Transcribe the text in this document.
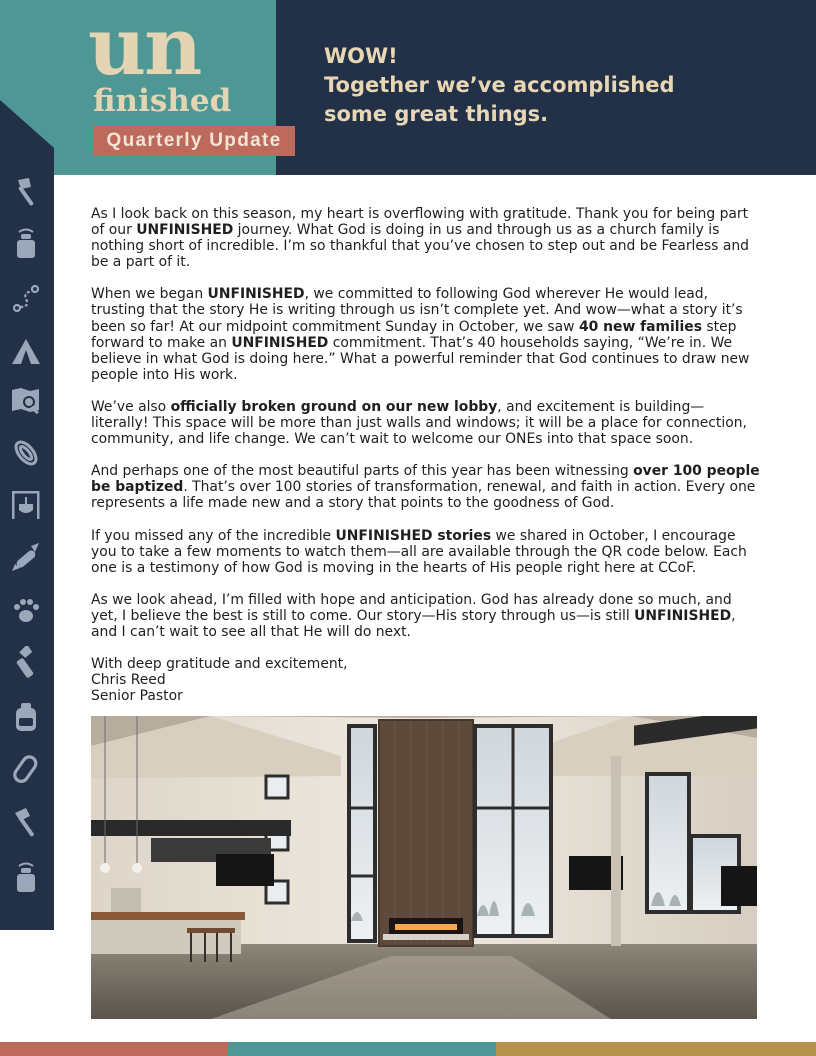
un
finished
Quarterly Update
WOW!
Together we’ve accomplished
some great things.

As I look back on this season, my heart is overflowing with gratitude. Thank you for being part of our UNFINISHED journey. What God is doing in us and through us as a church family is nothing short of incredible. I’m so thankful that you’ve chosen to step out and be Fearless and be a part of it.

When we began UNFINISHED, we committed to following God wherever He would lead, trusting that the story He is writing through us isn’t complete yet. And wow—what a story it’s been so far! At our midpoint commitment Sunday in October, we saw 40 new families step forward to make an UNFINISHED commitment. That’s 40 households saying, “We’re in. We believe in what God is doing here.” What a powerful reminder that God continues to draw new people into His work.

We’ve also officially broken ground on our new lobby, and excitement is building—literally! This space will be more than just walls and windows; it will be a place for connection, community, and life change. We can’t wait to welcome our ONEs into that space soon.

And perhaps one of the most beautiful parts of this year has been witnessing over 100 people be baptized. That’s over 100 stories of transformation, renewal, and faith in action. Every one represents a life made new and a story that points to the goodness of God.

If you missed any of the incredible UNFINISHED stories we shared in October, I encourage you to take a few moments to watch them—all are available through the QR code below. Each one is a testimony of how God is moving in the hearts of His people right here at CCoF.

As we look ahead, I’m filled with hope and anticipation. God has already done so much, and yet, I believe the best is still to come. Our story—His story through us—is still UNFINISHED, and I can’t wait to see all that He will do next.

With deep gratitude and excitement,
Chris Reed
Senior Pastor
